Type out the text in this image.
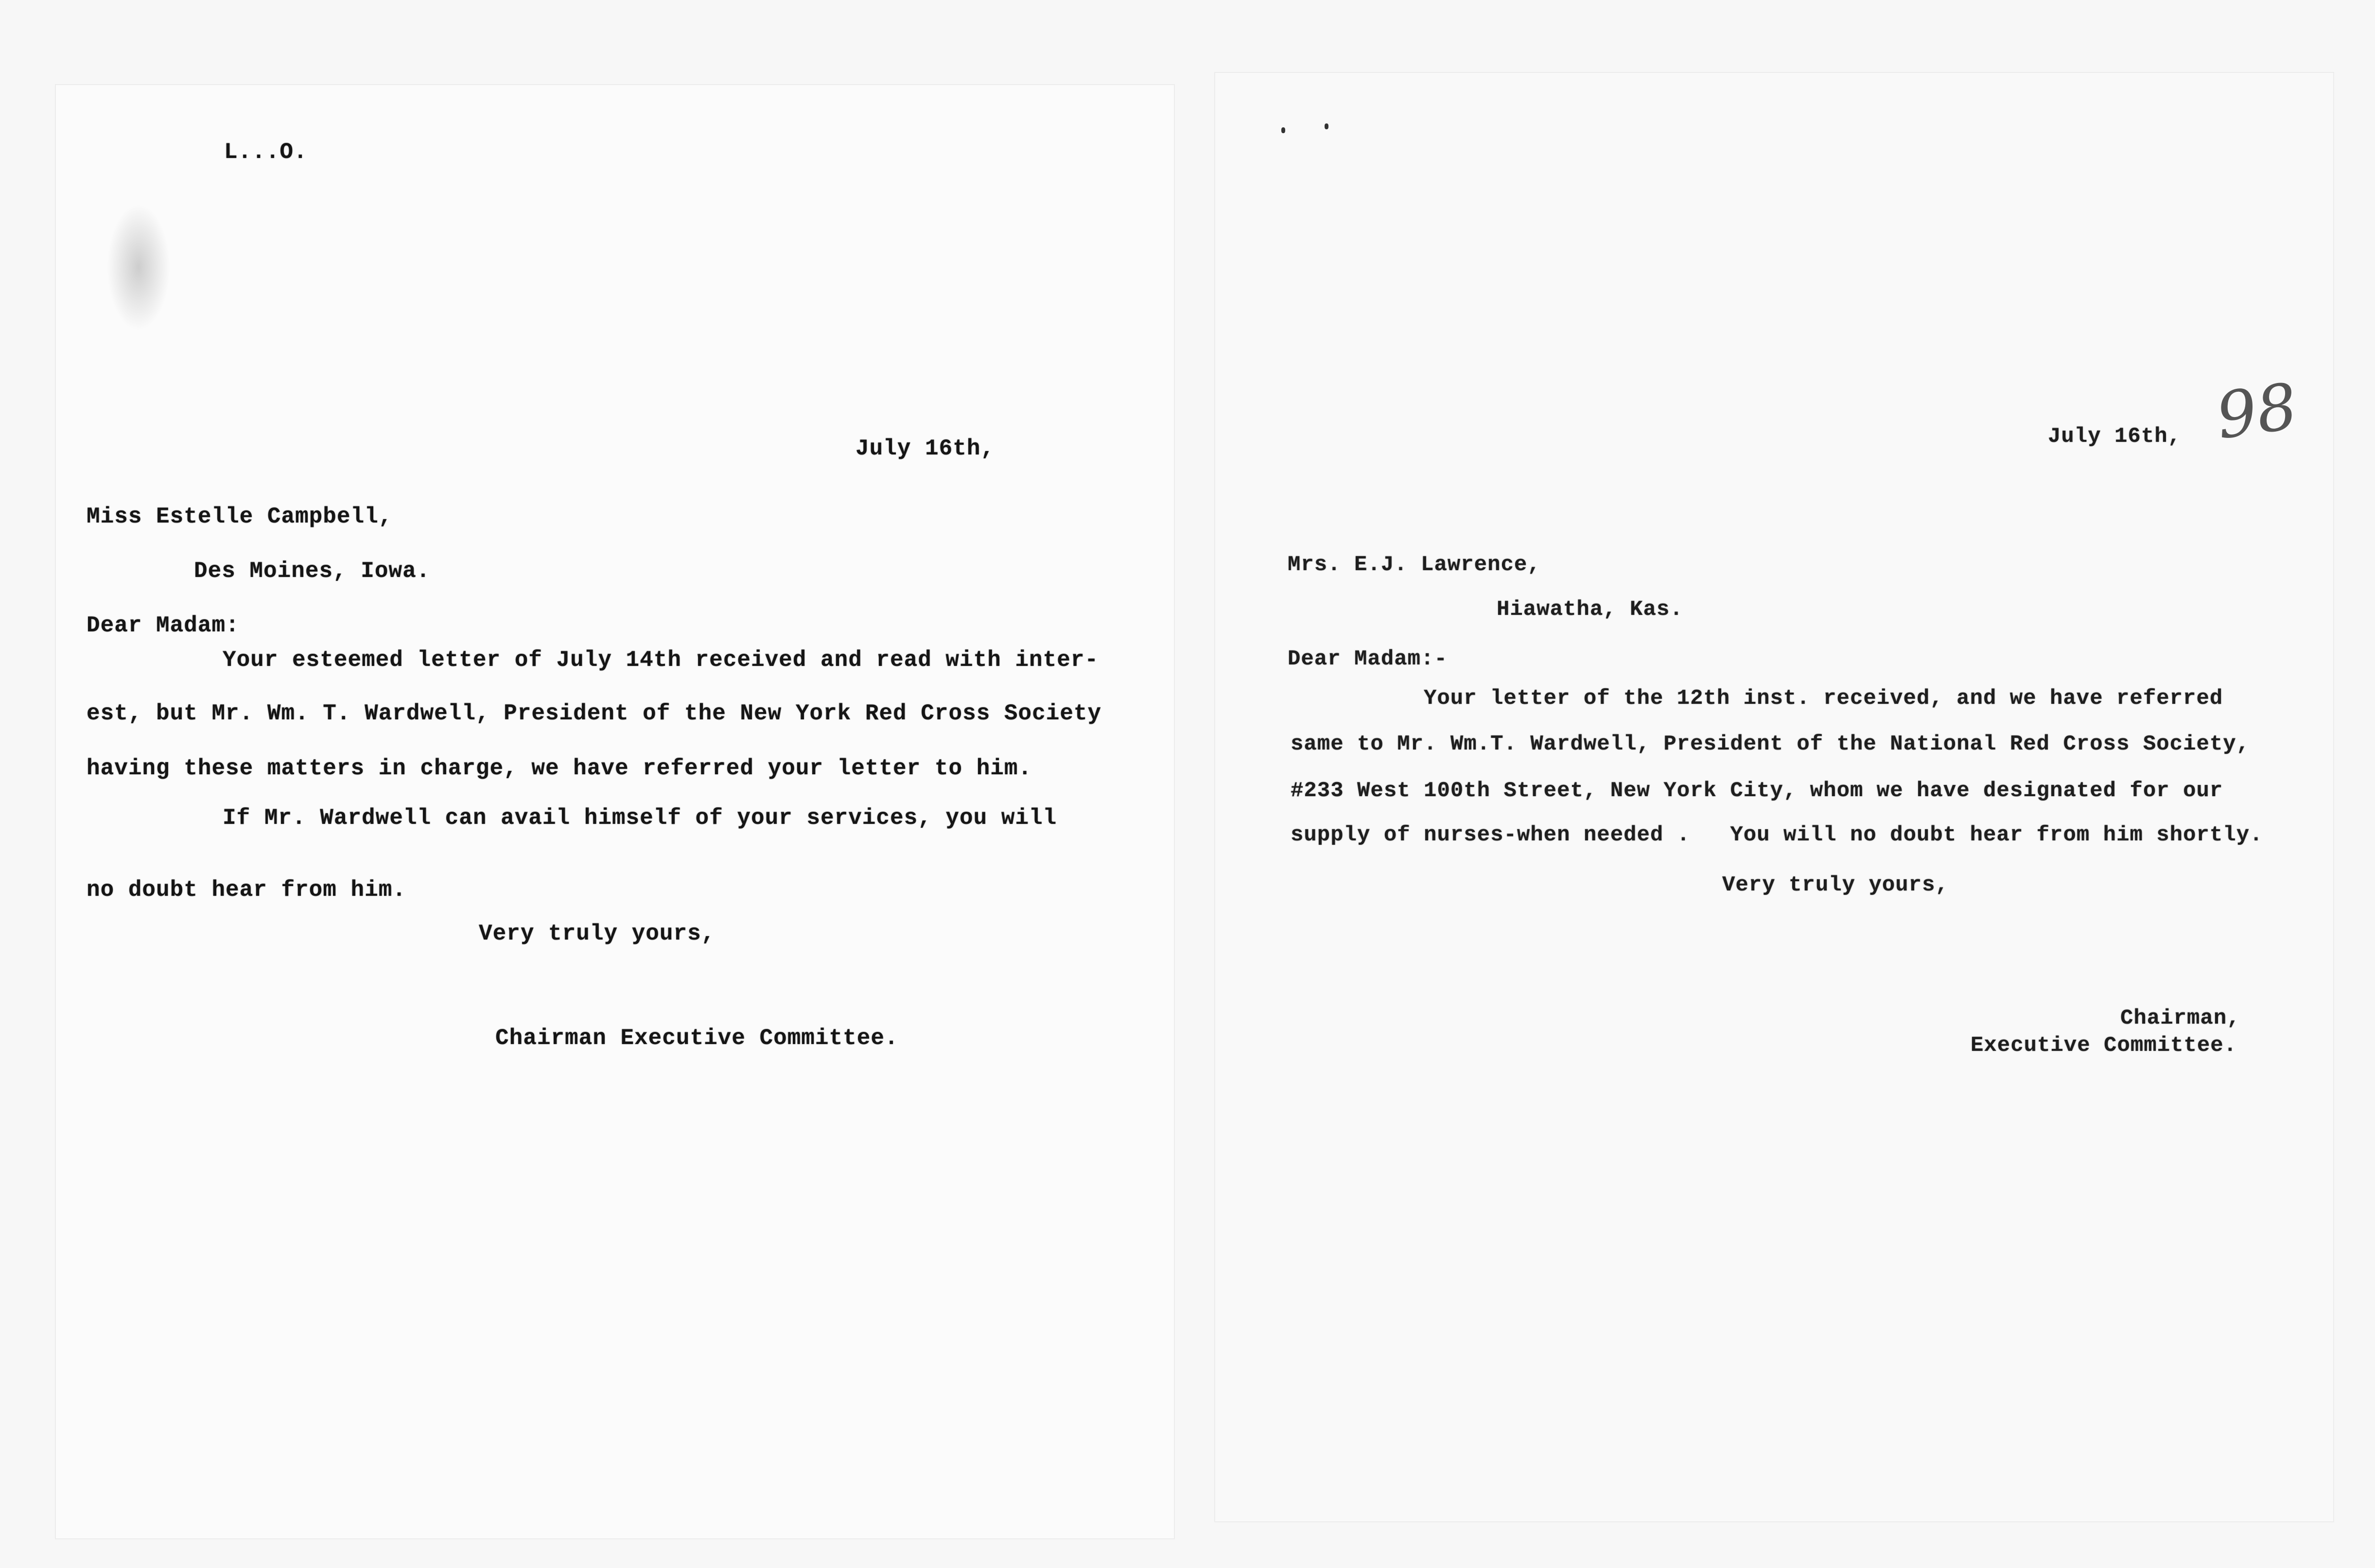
L...O.
July 16th,
Miss Estelle Campbell,
Des Moines, Iowa.
Dear Madam:
Your esteemed letter of July 14th received and read with inter-
est, but Mr. Wm. T. Wardwell, President of the New York Red Cross Society
having these matters in charge, we have referred your letter to him.
If Mr. Wardwell can avail himself of your services, you will
no doubt hear from him.
Very truly yours,
Chairman Executive Committee.
July 16th, 98
Mrs. E.J. Lawrence,
Hiawatha, Kas.
Dear Madam:-
Your letter of the 12th inst. received, and we have referred
same to Mr. Wm.T. Wardwell, President of the National Red Cross Society,
#233 West 100th Street, New York City, whom we have designated for our
supply of nurses-when needed .   You will no doubt hear from him shortly.
Very truly yours,
Chairman,
Executive Committee.
